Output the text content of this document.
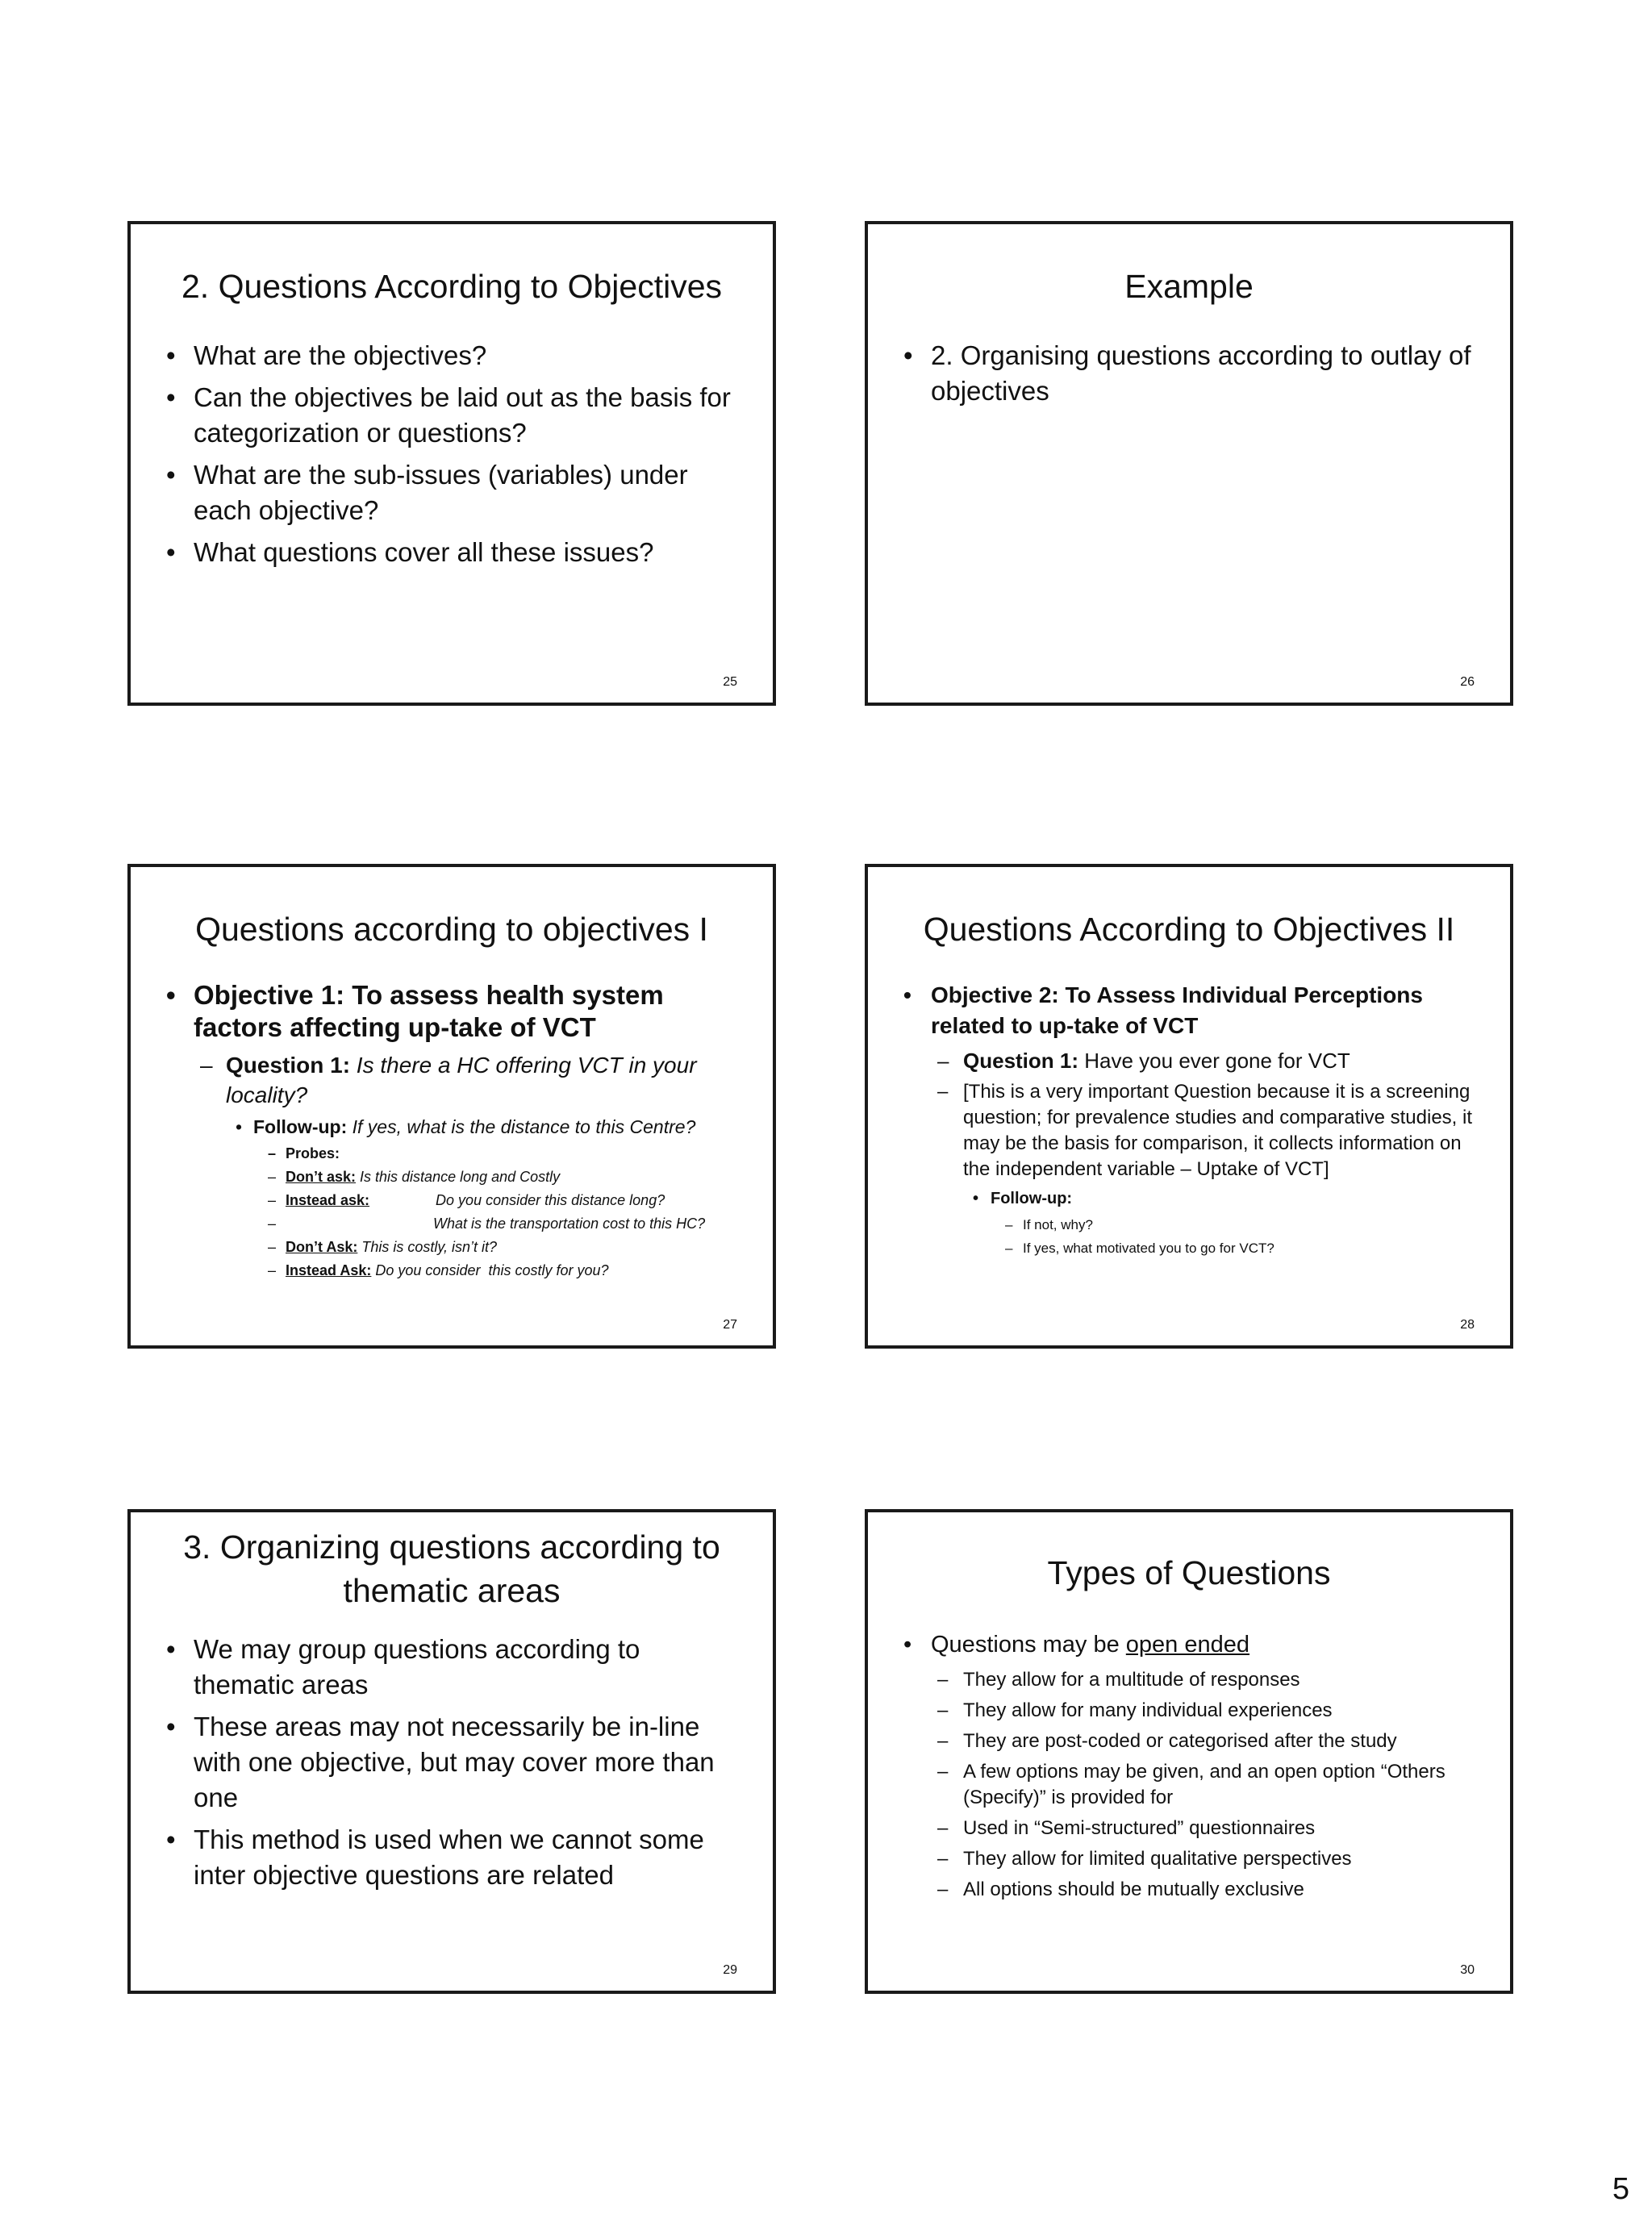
2. Questions According to Objectives
• What are the objectives?
• Can the objectives be laid out as the basis for categorization or questions?
• What are the sub-issues (variables) under each objective?
• What questions cover all these issues?
25
Example
• 2. Organising questions according to outlay of objectives
26
Questions according to objectives I
• Objective 1: To assess health system factors affecting up-take of VCT
– Question 1: Is there a HC offering VCT in your locality?
• Follow-up: If yes, what is the distance to this Centre?
– Probes:
– Don’t ask: Is this distance long and Costly
– Instead ask:	Do you consider this distance long?
– What is the transportation cost to this HC?
– Don’t Ask: This is costly, isn’t it?
– Instead Ask: Do you consider  this costly for you?
27
Questions According to Objectives II
• Objective 2: To Assess Individual Perceptions related to up-take of VCT
– Question 1: Have you ever gone for VCT
– [This is a very important Question because it is a screening question; for prevalence studies and comparative studies, it may be the basis for comparison, it collects information on the independent variable – Uptake of VCT]
• Follow-up:
– If not, why?
– If yes, what motivated you to go for VCT?
28
3. Organizing questions according to thematic areas
• We may group questions according to thematic areas
• These areas may not necessarily be in-line with one objective, but may cover more than one
• This method is used when we cannot some inter objective questions are related
29
Types of Questions
• Questions may be open ended
– They allow for a multitude of responses
– They allow for many individual experiences
– They are post-coded or categorised after the study
– A few options may be given, and an open option “Others (Specify)” is provided for
– Used in “Semi-structured” questionnaires
– They allow for limited qualitative perspectives
– All options should be mutually exclusive
30
5
